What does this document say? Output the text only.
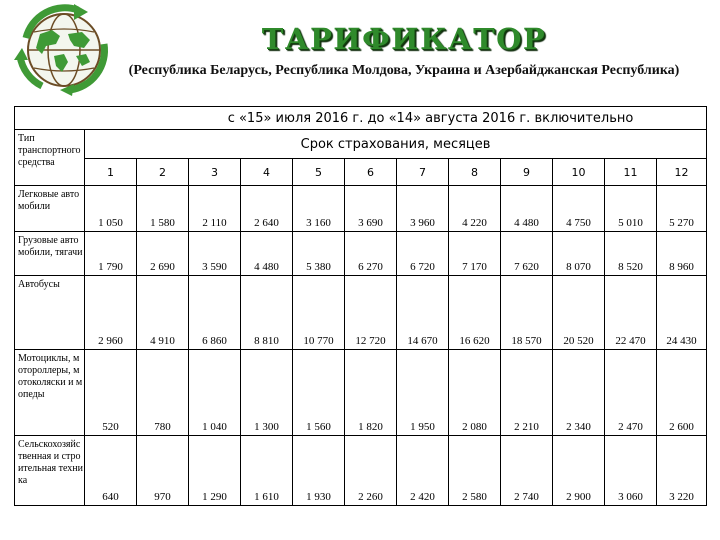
ТАРИФИКАТОР
(Республика Беларусь, Республика Молдова, Украина и Азербайджанская Республика)
с «15» июля 2016 г. до «14» августа 2016 г. включительно												
Тип транспортного средства	Срок страхования, месяцев											
	1	2	3	4	5	6	7	8	9	10	11	12
Легковые автомобили	1 050	1 580	2 110	2 640	3 160	3 690	3 960	4 220	4 480	4 750	5 010	5 270
Грузовые автомобили, тягачи	1 790	2 690	3 590	4 480	5 380	6 270	6 720	7 170	7 620	8 070	8 520	8 960
Автобусы	2 960	4 910	6 860	8 810	10 770	12 720	14 670	16 620	18 570	20 520	22 470	24 430
Мотоциклы, мотороллеры, мотоколяски и мопеды	520	780	1 040	1 300	1 560	1 820	1 950	2 080	2 210	2 340	2 470	2 600
Сельскохозяйственная и строительная техника	640	970	1 290	1 610	1 930	2 260	2 420	2 580	2 740	2 900	3 060	3 220
